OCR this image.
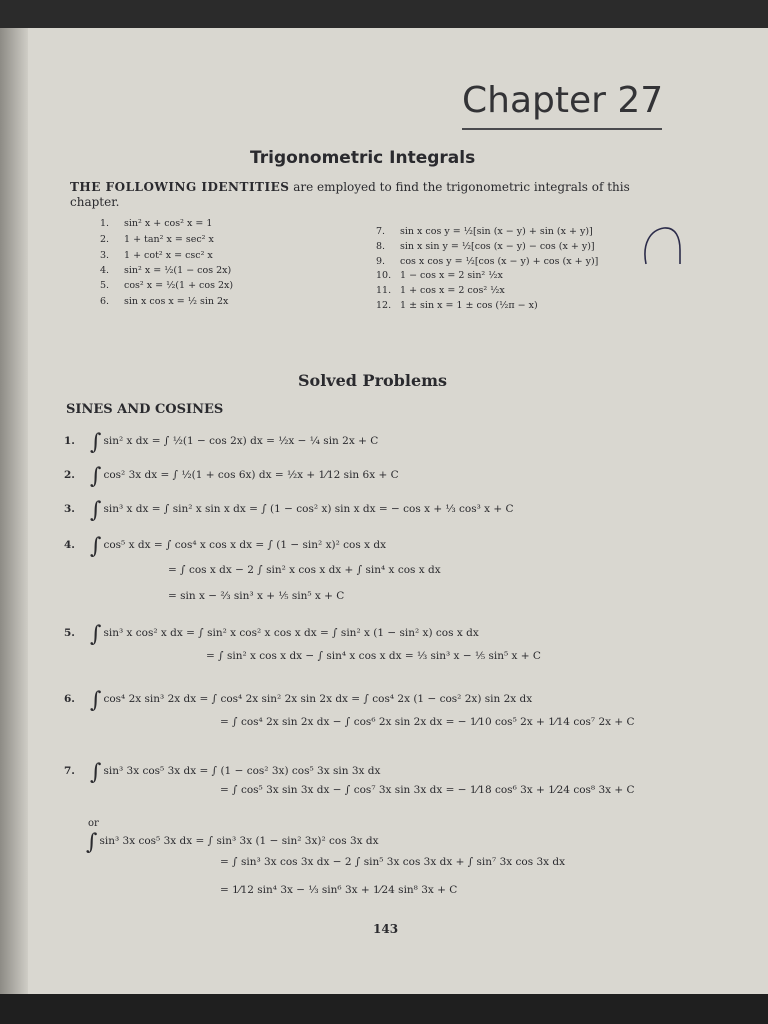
Chapter 27
Trigonometric Integrals
THE FOLLOWING IDENTITIES are employed to find the trigonometric integrals of this chapter.
1. sin² x + cos² x = 1
2. 1 + tan² x = sec² x
3. 1 + cot² x = csc² x
4. sin² x = ½(1 − cos 2x)
5. cos² x = ½(1 + cos 2x)
6. sin x cos x = ½ sin 2x
7. sin x cos y = ½[sin (x − y) + sin (x + y)]
8. sin x sin y = ½[cos (x − y) − cos (x + y)]
9. cos x cos y = ½[cos (x − y) + cos (x + y)]
10. 1 − cos x = 2 sin² ½x
11. 1 + cos x = 2 cos² ½x
12. 1 ± sin x = 1 ± cos (½π − x)
Solved Problems
SINES AND COSINES
1. ∫ sin² x dx = ∫ ½(1 − cos 2x) dx = ½x − ¼ sin 2x + C
2. ∫ cos² 3x dx = ∫ ½(1 + cos 6x) dx = ½x + 1⁄12 sin 6x + C
3. ∫ sin³ x dx = ∫ sin² x sin x dx = ∫ (1 − cos² x) sin x dx = − cos x + ⅓ cos³ x + C
4. ∫ cos⁵ x dx = ∫ cos⁴ x cos x dx = ∫ (1 − sin² x)² cos x dx
= ∫ cos x dx − 2 ∫ sin² x cos x dx + ∫ sin⁴ x cos x dx
= sin x − ⅔ sin³ x + ⅕ sin⁵ x + C
5. ∫ sin³ x cos² x dx = ∫ sin² x cos² x cos x dx = ∫ sin² x (1 − sin² x) cos x dx
= ∫ sin² x cos x dx − ∫ sin⁴ x cos x dx = ⅓ sin³ x − ⅕ sin⁵ x + C
6. ∫ cos⁴ 2x sin³ 2x dx = ∫ cos⁴ 2x sin² 2x sin 2x dx = ∫ cos⁴ 2x (1 − cos² 2x) sin 2x dx
= ∫ cos⁴ 2x sin 2x dx − ∫ cos⁶ 2x sin 2x dx = − 1⁄10 cos⁵ 2x + 1⁄14 cos⁷ 2x + C
7. ∫ sin³ 3x cos⁵ 3x dx = ∫ (1 − cos² 3x) cos⁵ 3x sin 3x dx
= ∫ cos⁵ 3x sin 3x dx − ∫ cos⁷ 3x sin 3x dx = − 1⁄18 cos⁶ 3x + 1⁄24 cos⁸ 3x + C
or
∫ sin³ 3x cos⁵ 3x dx = ∫ sin³ 3x (1 − sin² 3x)² cos 3x dx
= ∫ sin³ 3x cos 3x dx − 2 ∫ sin⁵ 3x cos 3x dx + ∫ sin⁷ 3x cos 3x dx
= 1⁄12 sin⁴ 3x − ⅓ sin⁶ 3x + 1⁄24 sin⁸ 3x + C
143
